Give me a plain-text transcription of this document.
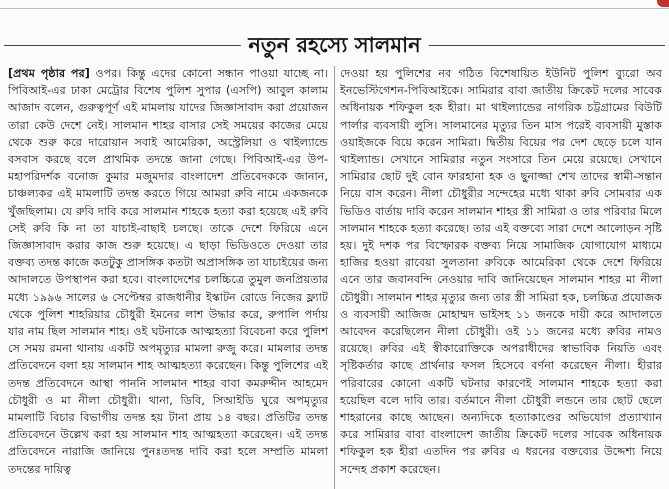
নতুন রহস্যে সালমান

[প্রথম পৃষ্ঠার পর] ওপর। কিন্তু এদের কোনো সন্ধান পাওয়া যাচ্ছে না। পিবিআই-এর ঢাকা মেট্রোর বিশেষ পুলিশ সুপার (এসপি) আবুল কালাম আজাদ বলেন, গুরুত্বপূর্ণ এই মামলায় যাদের জিজ্ঞাসাবাদ করা প্রয়োজন তারা কেউ দেশে নেই। সালমান শাহর বাসার সেই সময়ের কাজের মেয়ে থেকে শুরু করে দারোয়ান সবাই আমেরিকা, অস্ট্রেলিয়া ও থাইল্যান্ডে বসবাস করছে বলে প্রাথমিক তদন্তে জানা গেছে। পিবিআই-এর উপ-মহাপরিদর্শক বনোজ কুমার মজুমদার বাংলাদেশ প্রতিবেদককে জানান, চাঞ্চল্যকর এই মামলাটি তদন্ত করতে গিয়ে আমরা রুবি নামে একজনকে খুঁজছিলাম। যে রুবি দাবি করে সালমান শাহকে হত্যা করা হয়েছে এই রুবি সেই রুবি কি না তা যাচাই-বাছাই চলছে। তাকে দেশে ফিরিয়ে এনে জিজ্ঞাসাবাদ করার কাজ শুরু হয়েছে। এ ছাড়া ভিডিওতে দেওয়া তার বক্তব্য তদন্ত কাজে কতটুকু প্রাসঙ্গিক কতটা অপ্রাসঙ্গিক তা যাচাইয়ের জন্য আদালতে উপস্থাপন করা হবে। বাংলাদেশের চলচ্চিত্রে তুমুল জনপ্রিয়তার মধ্যে ১৯৯৬ সালের ৬ সেপ্টেম্বর রাজধানীর ইস্কাটন রোডে নিজের ফ্ল্যাট থেকে পুলিশ শাহরিয়ার চৌধুরী ইমনের লাশ উদ্ধার করে, রুপালি পর্দায় যার নাম ছিল সালমান শাহ। ওই ঘটনাকে আত্মহত্যা বিবেচনা করে পুলিশ সে সময় রমনা থানায় একটি অপমৃত্যুর মামলা রুজু করে। মামলার তদন্ত প্রতিবেদনে বলা হয় সালমান শাহ আত্মহত্যা করেছেন। কিন্তু পুলিশের এই তদন্ত প্রতিবেদনে আস্থা পাননি সালমান শাহর বাবা কমরুদ্দীন আহমেদ চৌধুরী ও মা নীলা চৌধুরী। থানা, ডিবি, সিআইডি ঘুরে অপমৃত্যুর মামলাটি বিচার বিভাগীয় তদন্ত হয় টানা প্রায় ১৪ বছর। প্রতিটির তদন্ত প্রতিবেদনে উল্লেখ করা হয় সালমান শাহ আত্মহত্যা করেছেন। এই তদন্ত প্রতিবেদনে নারাজি জানিয়ে পুনঃতদন্ত দাবি করা হলে সম্প্রতি মামলা তদন্তের দায়িত্ব

দেওয়া হয় পুলিশের নব গঠিত বিশেষায়িত ইউনিট পুলিশ ব্যুরো অব ইনভেস্টিগেশন-পিবিআইকে। সামিরার বাবা জাতীয় ক্রিকেট দলের সাবেক অধিনায়ক শফিকুল হক হীরা। মা থাইল্যান্ডের নাগরিক চট্টগ্রামের বিউটি পার্লার ব্যবসায়ী লুসি। সালমানের মৃত্যুর তিন মাস পরেই ব্যবসায়ী মুস্তাক ওয়াইজকে বিয়ে করেন সামিরা। দ্বিতীয় বিয়ের পর দেশ ছেড়ে চলে যান থাইল্যান্ড। সেখানে সামিরার নতুন সংসারে তিন মেয়ে রয়েছে। সেখানে সামিরার ছোট দুই বোন ফারহানা হক ও ছুনাজ্জা শেখ তাদের স্বামী-সন্তান নিয়ে বাস করেন। নীলা চৌধুরীর সন্দেহের মধ্যে থাকা রুবি সোমবার এক ভিডিও বার্তায় দাবি করেন সালমান শাহর স্ত্রী সামিরা ও তার পরিবার মিলে সালমান শাহকে হত্যা করেছে। তার এই বক্তব্যে সারা দেশে আলোড়ন সৃষ্টি হয়। দুই দশক পর বিস্ফোরক বক্তব্য নিয়ে সামাজিক যোগাযোগ মাধ্যমে হাজির হওয়া রাবেয়া সুলতানা রুবিকে আমেরিকা থেকে দেশে ফিরিয়ে এনে তার জবানবন্দি নেওয়ার দাবি জানিয়েছেন সালমান শাহর মা নীলা চৌধুরী। সালমান শাহর মৃত্যুর জন্য তার স্ত্রী সামিরা হক, চলচ্চিত্র প্রযোজক ও ব্যবসায়ী আজিজ মোহাম্মদ ভাইসহ ১১ জনকে দায়ী করে আদালতে আবেদন করেছিলেন নীলা চৌধুরী। ওই ১১ জনের মধ্যে রুবির নামও রয়েছে। রুবির এই স্বীকারোক্তিকে অপরাধীদের স্বাভাবিক নিয়তি এবং সৃষ্টিকর্তার কাছে প্রার্থনার ফসল হিসেবে বর্ণনা করেছেন নীলা। হীরার পরিবারের কোনো একটি ঘটনার কারণেই সালমান শাহকে হত্যা করা হয়েছিল বলে দাবি তার। বর্তমানে নীলা চৌধুরী লন্ডনে তার ছোট ছেলে শাহরানের কাছে আছেন। অন্যদিকে হত্যাকাণ্ডের অভিযোগ প্রত্যাখ্যান করে সামিরার বাবা বাংলাদেশ জাতীয় ক্রিকেট দলের সাবেক অধিনায়ক শফিকুল হক হীরা এতদিন পর রুবির এ ধরনের বক্তব্যের উদ্দেশ্য নিয়ে সন্দেহ প্রকাশ করেছেন।
